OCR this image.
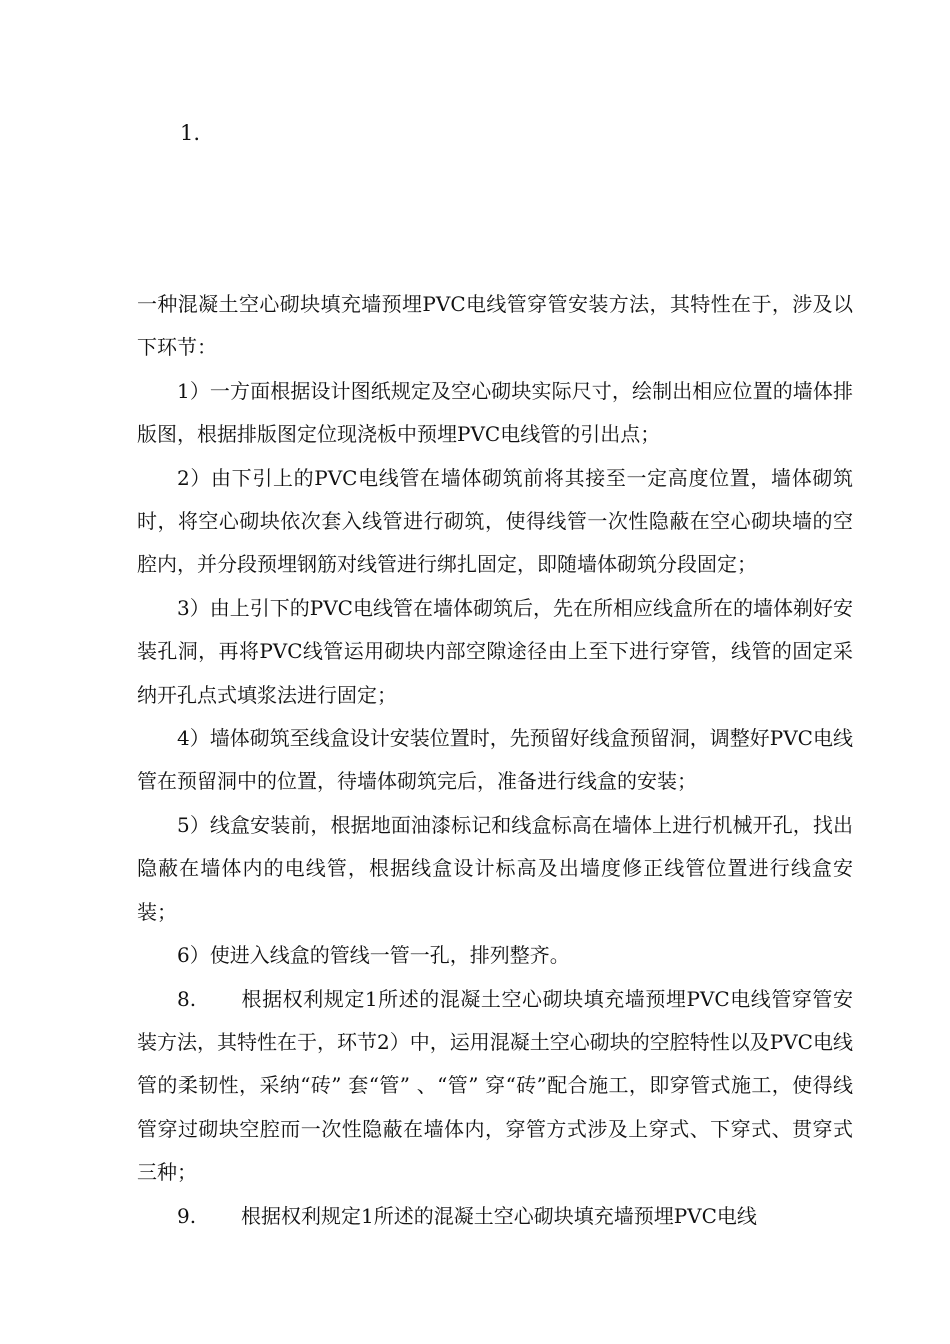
1.

一种混凝土空心砌块填充墙预埋PVC电线管穿管安装方法，其特性在于，涉及以下环节：

1）一方面根据设计图纸规定及空心砌块实际尺寸，绘制出相应位置的墙体排版图，根据排版图定位现浇板中预埋PVC电线管的引出点；

2）由下引上的PVC电线管在墙体砌筑前将其接至一定高度位置，墙体砌筑时，将空心砌块依次套入线管进行砌筑，使得线管一次性隐蔽在空心砌块墙的空腔内，并分段预埋钢筋对线管进行绑扎固定，即随墙体砌筑分段固定；

3）由上引下的PVC电线管在墙体砌筑后，先在所相应线盒所在的墙体剃好安装孔洞，再将PVC线管运用砌块内部空隙途径由上至下进行穿管，线管的固定采纳开孔点式填浆法进行固定；

4）墙体砌筑至线盒设计安装位置时，先预留好线盒预留洞，调整好PVC电线管在预留洞中的位置，待墙体砌筑完后，准备进行线盒的安装；

5）线盒安装前，根据地面油漆标记和线盒标高在墙体上进行机械开孔，找出隐蔽在墙体内的电线管，根据线盒设计标高及出墙度修正线管位置进行线盒安装；

6）使进入线盒的管线一管一孔，排列整齐。

8. 根据权利规定1所述的混凝土空心砌块填充墙预埋PVC电线管穿管安装方法，其特性在于，环节2）中，运用混凝土空心砌块的空腔特性以及PVC电线管的柔韧性，采纳“砖” 套“管” 、“管” 穿“砖”配合施工，即穿管式施工，使得线管穿过砌块空腔而一次性隐蔽在墙体内，穿管方式涉及上穿式、下穿式、贯穿式三种；

9. 根据权利规定1所述的混凝土空心砌块填充墙预埋PVC电线
